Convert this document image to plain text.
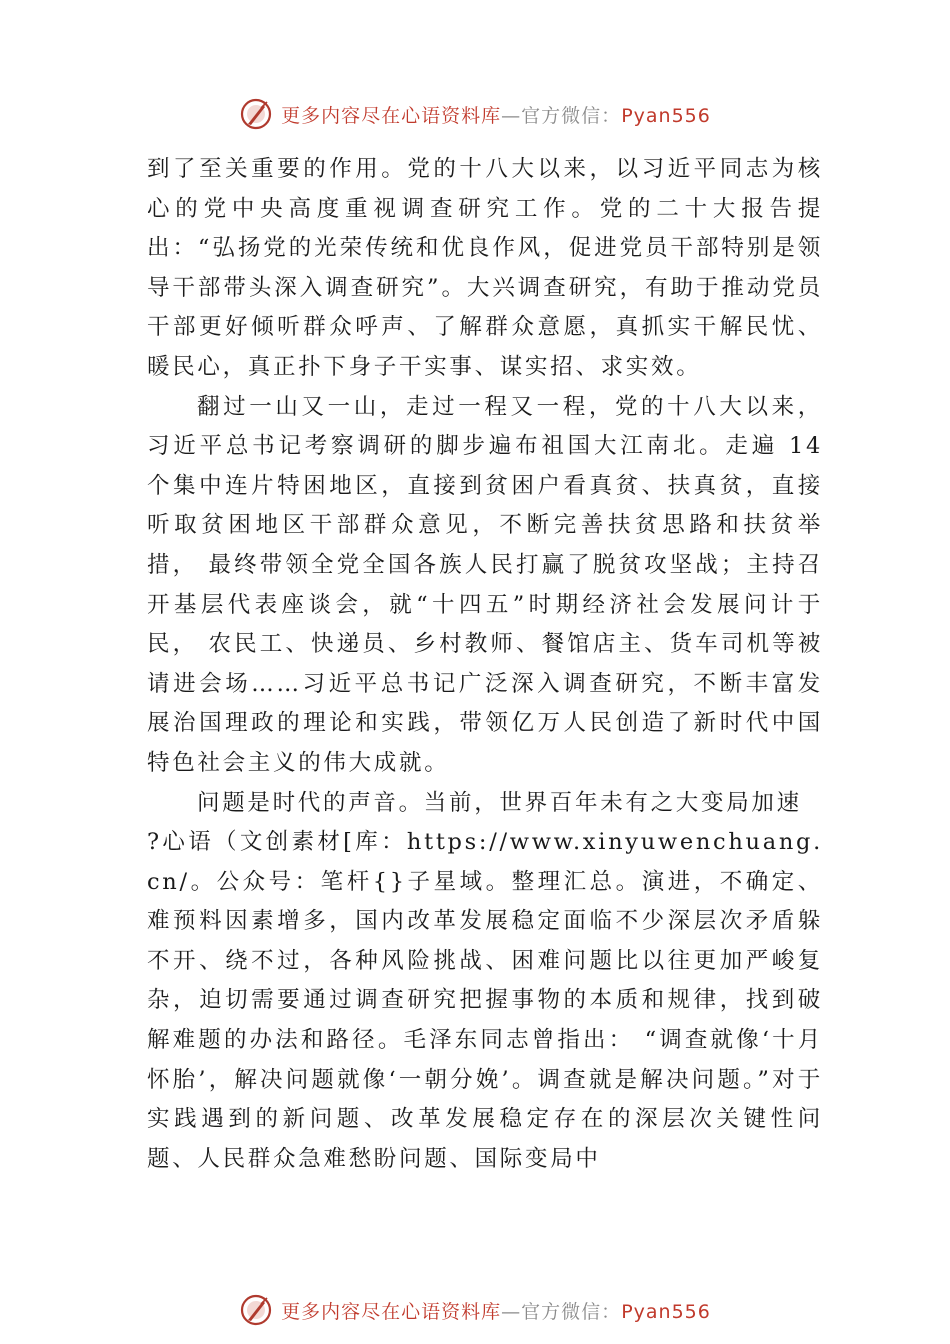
更多内容尽在心语资料库—官方微信：Pyan556

到了至关重要的作用。党的十八大以来，以习近平同志为核心的党中央高度重视调查研究工作。党的二十大报告提出：“弘扬党的光荣传统和优良作风，促进党员干部特别是领导干部带头深入调查研究”。大兴调查研究，有助于推动党员干部更好倾听群众呼声、了解群众意愿，真抓实干解民忧、暖民心，真正扑下身子干实事、谋实招、求实效。

翻过一山又一山，走过一程又一程，党的十八大以来，习近平总书记考察调研的脚步遍布祖国大江南北。走遍 14 个集中连片特困地区，直接到贫困户看真贫、扶真贫，直接听取贫困地区干部群众意见，不断完善扶贫思路和扶贫举措， 最终带领全党全国各族人民打赢了脱贫攻坚战；主持召开基层代表座谈会，就“十四五”时期经济社会发展问计于民， 农民工、快递员、乡村教师、餐馆店主、货车司机等被请进会场……习近平总书记广泛深入调查研究，不断丰富发展治国理政的理论和实践，带领亿万人民创造了新时代中国特色社会主义的伟大成就。

问题是时代的声音。当前，世界百年未有之大变局加速

?心语（文创素材[库：https://www.xinyuwenchuang.cn/。公众号：笔杆{}子星域。整理汇总。演进，不确定、难预料因素增多，国内改革发展稳定面临不少深层次矛盾躲不开、绕不过，各种风险挑战、困难问题比以往更加严峻复杂，迫切需要通过调查研究把握事物的本质和规律，找到破解难题的办法和路径。毛泽东同志曾指出： “调查就像‘十月怀胎’，解决问题就像‘一朝分娩’。调查就是解决问题。”对于实践遇到的新问题、改革发展稳定存在的深层次关键性问题、人民群众急难愁盼问题、国际变局中

更多内容尽在心语资料库—官方微信：Pyan556
